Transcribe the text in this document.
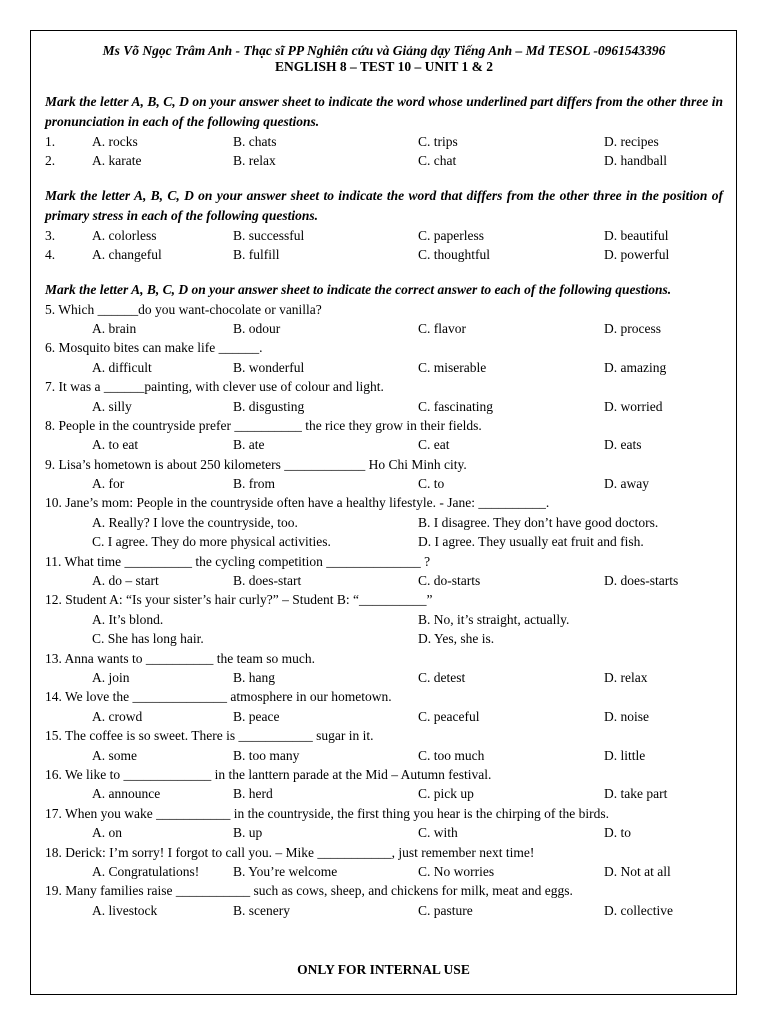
Ms Võ Ngọc Trâm Anh - Thạc sĩ PP Nghiên cứu và Giảng dạy Tiếng Anh – Md TESOL -0961543396
ENGLISH 8 – TEST 10 – UNIT 1 & 2
Mark the letter A, B, C, D on your answer sheet to indicate the word whose underlined part differs from the other three in pronunciation in each of the following questions.
1.	A. rocks	B. chats	C. trips	D. recipes
2.	A. karate	B. relax	C. chat	D. handball
Mark the letter A, B, C, D on your answer sheet to indicate the word that differs from the other three in the position of primary stress in each of the following questions.
3.	A. colorless	B. successful	C. paperless	D. beautiful
4.	A. changeful	B. fulfill	C. thoughtful	D. powerful
Mark the letter A, B, C, D on your answer sheet to indicate the correct answer to each of the following questions.
5. Which ______do you want-chocolate or vanilla?
A. brain	B. odour	C. flavor	D. process
6. Mosquito bites can make life ______.
A. difficult	B. wonderful	C. miserable	D. amazing
7. It was a ______painting, with clever use of colour and light.
A. silly	B. disgusting	C. fascinating	D. worried
8. People in the countryside prefer __________ the rice they grow in their fields.
A. to eat	B. ate	C. eat	D. eats
9. Lisa’s hometown is about 250 kilometers ____________ Ho Chi Minh city.
A. for	B. from	C. to	D. away
10. Jane’s mom: People in the countryside often have a healthy lifestyle. - Jane: __________.
A. Really? I love the countryside, too.	B. I disagree. They don’t have good doctors.
C. I agree. They do more physical activities.	D. I agree. They usually eat fruit and fish.
11. What time __________ the cycling competition ______________ ?
A. do – start	B. does-start	C. do-starts	D. does-starts
12. Student A: “Is your sister’s hair curly?” – Student B: “__________”
A. It’s blond.	B. No, it’s straight, actually.
C. She has long hair.	D. Yes, she is.
13. Anna wants to __________ the team so much.
A. join	B. hang	C. detest	D. relax
14. We love the ______________ atmosphere in our hometown.
A. crowd	B. peace	C. peaceful	D. noise
15. The coffee is so sweet. There is ___________ sugar in it.
A. some	B. too many	C. too much	D. little
16. We like to _____________ in the lanttern parade at the Mid – Autumn festival.
A. announce	B. herd	C. pick up	D. take part
17. When you wake ___________ in the countryside, the first thing you hear is the chirping of the birds.
A. on	B. up	C. with	D. to
18. Derick: I’m sorry! I forgot to call you. – Mike ___________, just remember next time!
A. Congratulations!	B. You’re welcome	C. No worries	D. Not at all
19. Many families raise ___________ such as cows, sheep, and chickens for milk, meat and eggs.
A. livestock	B. scenery	C. pasture	D. collective
ONLY FOR INTERNAL USE
